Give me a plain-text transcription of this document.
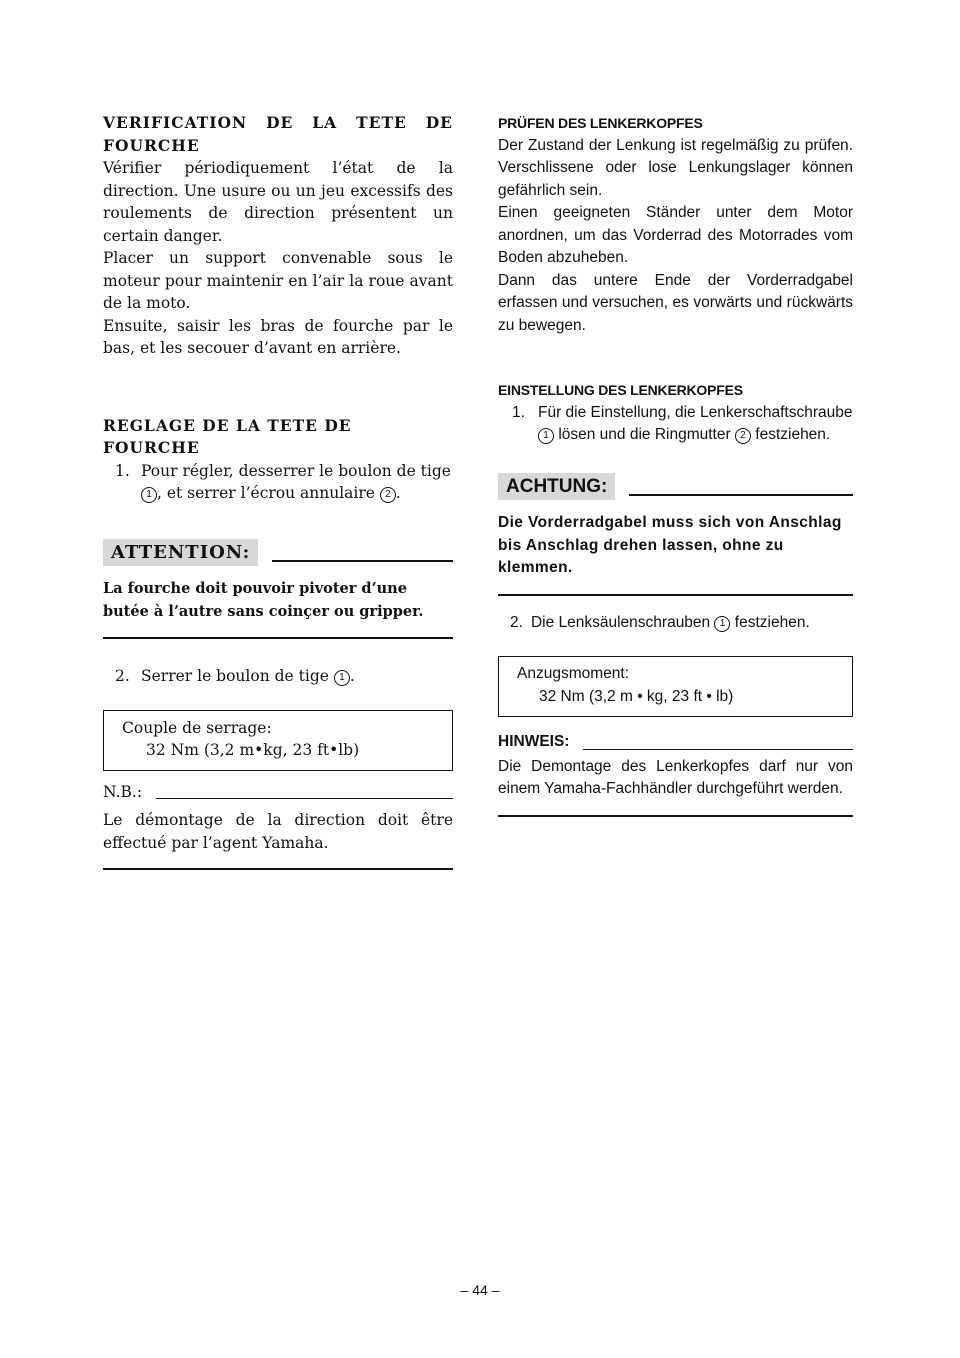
VERIFICATION DE LA TETE DE

FOURCHE

Vérifier périodiquement l’état de la direction. Une usure ou un jeu excessifs des roulements de direction présentent un certain danger.

Placer un support convenable sous le moteur pour maintenir en l’air la roue avant de la moto.

Ensuite, saisir les bras de fourche par le bas, et les secouer d’avant en arrière.

REGLAGE DE LA TETE DE FOURCHE

1. Pour régler, desserrer le boulon de tige 1 , et serrer l’écrou annulaire 2 .
ATTENTION:

La fourche doit pouvoir pivoter d’une butée à l’autre sans coinçer ou gripper.

2. Serrer le boulon de tige 1 .

Couple de serrage:

32 Nm (3,2 m•kg, 23 ft•lb)

N.B.:

Le démontage de la direction doit être effectué par l’agent Yamaha.

PRÜFEN DES LENKERKOPFES

Der Zustand der Lenkung ist regelmäßig zu prüfen. Verschlissene oder lose Lenkungslager können gefährlich sein.

Einen geeigneten Ständer unter dem Motor anordnen, um das Vorderrad des Motorrades vom Boden abzuheben.

Dann das untere Ende der Vorderradgabel erfassen und versuchen, es vorwärts und rückwärts zu bewegen.

EINSTELLUNG DES LENKERKOPFES

1. Für die Einstellung, die Lenkerschaftschraube 1 lösen und die Ringmutter 2 festziehen.
ACHTUNG:

Die Vorderradgabel muss sich von Anschlag bis Anschlag drehen lassen, ohne zu klemmen.

2. Die Lenksäulenschrauben 1 festziehen.

Anzugsmoment:

32 Nm (3,2 m • kg, 23 ft • lb)

HINWEIS:

Die Demontage des Lenkerkopfes darf nur von einem Yamaha-Fachhändler durchgeführt werden.

– 44 –
